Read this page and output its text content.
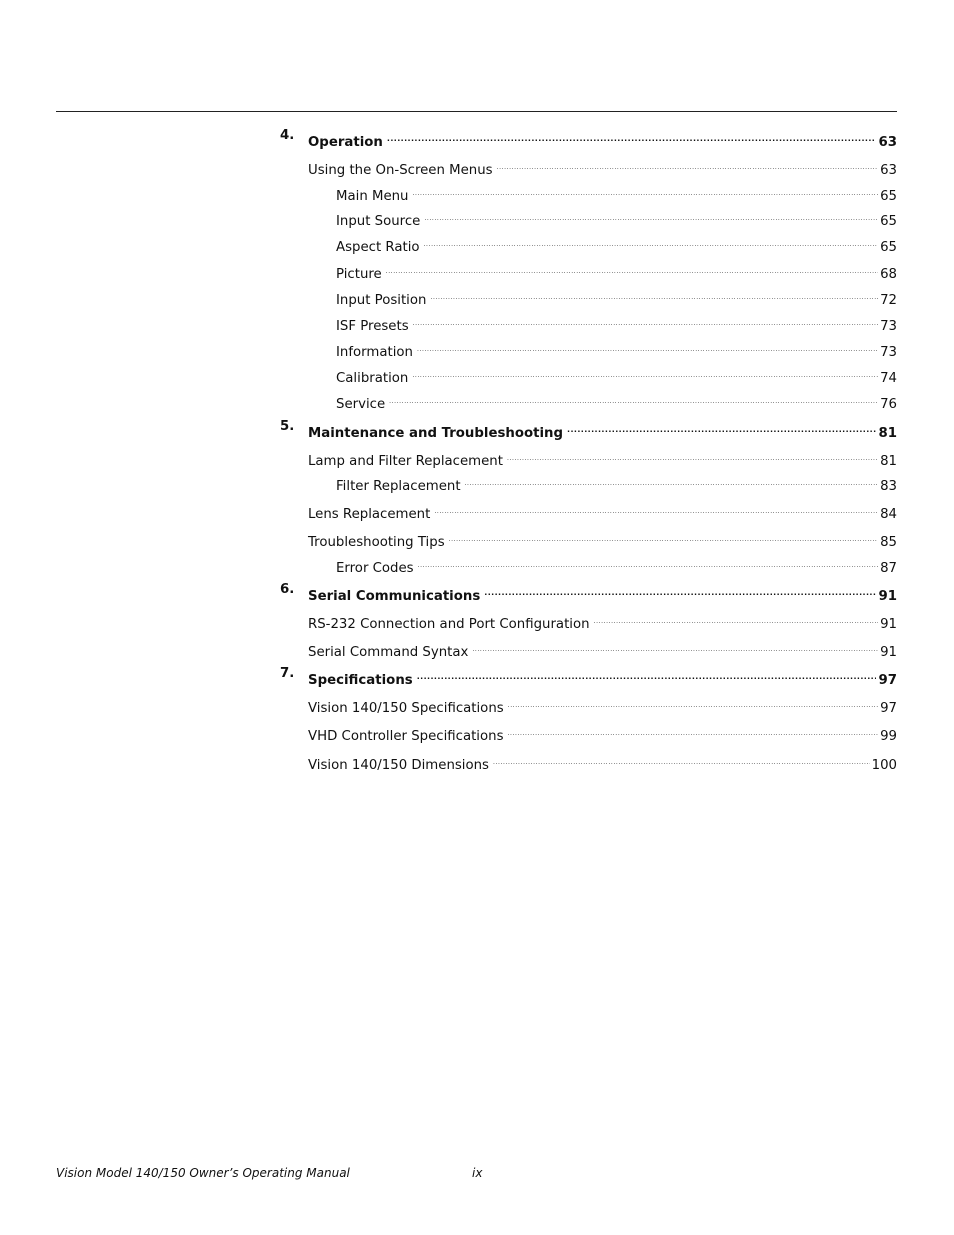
4.	Operation .....	63
Using the On-Screen Menus .....	63
Main Menu .....	65
Input Source .....	65
Aspect Ratio .....	65
Picture .....	68
Input Position .....	72
ISF Presets .....	73
Information .....	73
Calibration .....	74
Service .....	76
5.	Maintenance and Troubleshooting .....	81
Lamp and Filter Replacement .....	81
Filter Replacement .....	83
Lens Replacement .....	84
Troubleshooting Tips .....	85
Error Codes .....	87
6.	Serial Communications .....	91
RS-232 Connection and Port Configuration .....	91
Serial Command Syntax .....	91
7.	Specifications .....	97
Vision 140/150 Specifications .....	97
VHD Controller Specifications .....	99
Vision 140/150 Dimensions .....	100
Vision Model 140/150 Owner’s Operating Manual	ix
